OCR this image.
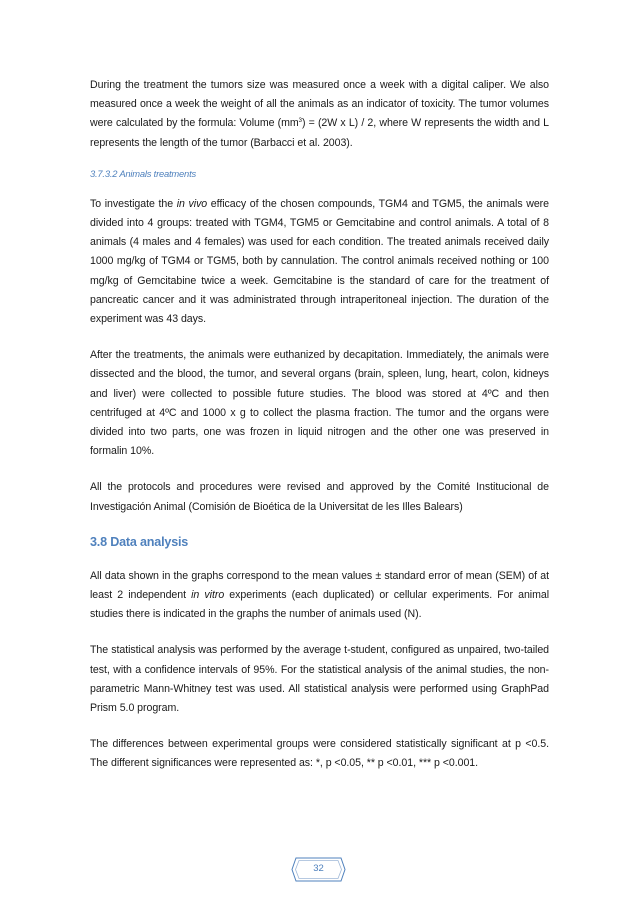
During the treatment the tumors size was measured once a week with a digital caliper. We also measured once a week the weight of all the animals as an indicator of toxicity. The tumor volumes were calculated by the formula: Volume $(mm^3) = (2W$ x L) / 2, where W represents the width and L represents the length of the tumor (Barbacci et al. 2003).

3.7.3.2 Animals treatments

To investigate the in vivo efficacy of the chosen compounds, TGM4 and TGM5, the animals were divided into 4 groups: treated with TGM4, TGM5 or Gemcitabine and control animals. A total of 8 animals (4 males and 4 females) was used for each condition. The treated animals received daily 1000 mg/kg of TGM4 or TGM5, both by cannulation. The control animals received nothing or 100 mg/kg of Gemcitabine twice a week. Gemcitabine is the standard of care for the treatment of pancreatic cancer and it was administrated through intraperitoneal injection. The duration of the experiment was 43 days.

After the treatments, the animals were euthanized by decapitation. Immediately, the animals were dissected and the blood, the tumor, and several organs (brain, spleen, lung, heart, colon, kidneys and liver) were collected to possible future studies. The blood was stored at 4ºC and then centrifuged at 4ºC and 1000 x g to collect the plasma fraction. The tumor and the organs were divided into two parts, one was frozen in liquid nitrogen and the other one was preserved in formalin 10%.

All the protocols and procedures were revised and approved by the Comité Institucional de Investigación Animal (Comisión de Bioética de la Universitat de les Illes Balears)

3.8 Data analysis

All data shown in the graphs correspond to the mean values ± standard error of mean (SEM) of at least 2 independent in vitro experiments (each duplicated) or cellular experiments. For animal studies there is indicated in the graphs the number of animals used (N).

The statistical analysis was performed by the average t-student, configured as unpaired, two-tailed test, with a confidence intervals of 95%. For the statistical analysis of the animal studies, the non-parametric Mann-Whitney test was used. All statistical analysis were performed using GraphPad Prism 5.0 program.

The differences between experimental groups were considered statistically significant at p <0.5. The different significances were represented as: *, p <0.05, ** p <0.01, *** p <0.001.

32
